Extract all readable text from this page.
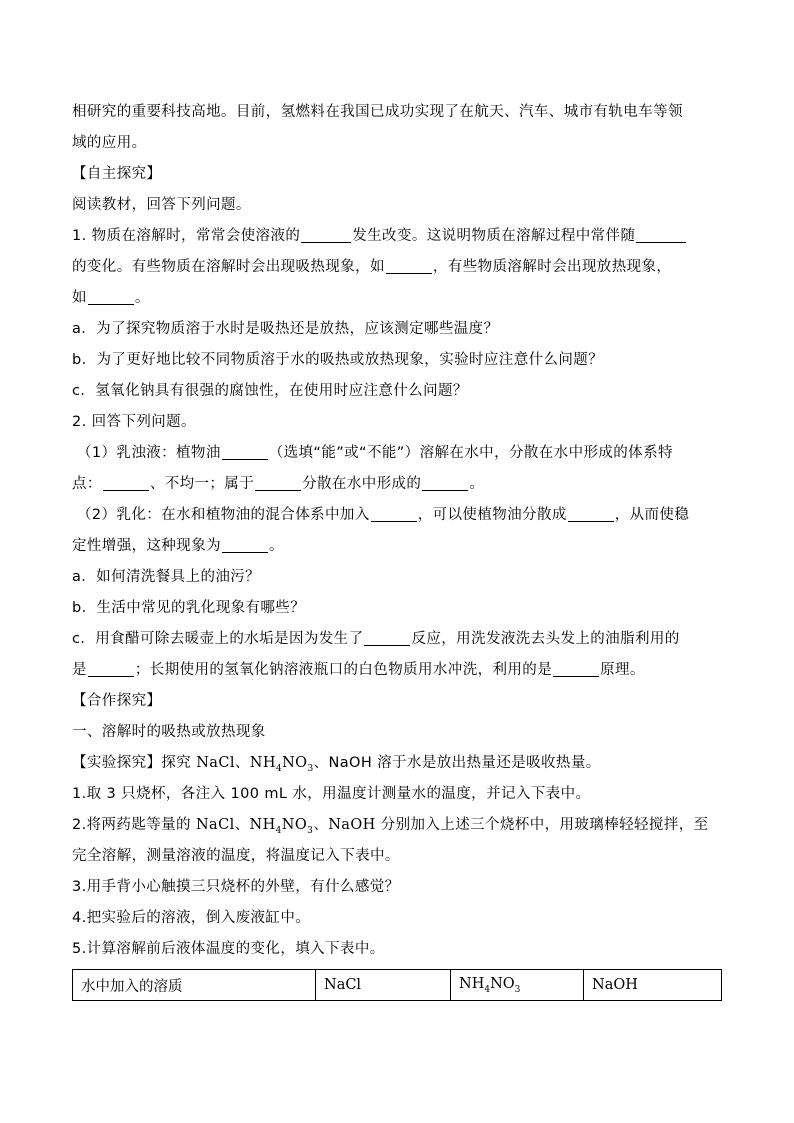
相研究的重要科技高地。目前，氢燃料在我国已成功实现了在航天、汽车、城市有轨电车等领
域的应用。
【自主探究】
阅读教材，回答下列问题。
1. 物质在溶解时，常常会使溶液的	发生改变。这说明物质在溶解过程中常伴随
的变化。有些物质在溶解时会出现吸热现象，如	，有些物质溶解时会出现放热现象，
如	。
a．为了探究物质溶于水时是吸热还是放热，应该测定哪些温度？
b．为了更好地比较不同物质溶于水的吸热或放热现象，实验时应注意什么问题？
c．氢氧化钠具有很强的腐蚀性，在使用时应注意什么问题？
2. 回答下列问题。
（1）乳浊液：植物油	（选填“能”或“不能”）溶解在水中，分散在水中形成的体系特
点：	、不均一；属于	分散在水中形成的	。
（2）乳化：在水和植物油的混合体系中加入	，可以使植物油分散成	，从而使稳
定性增强，这种现象为	。
a．如何清洗餐具上的油污？
b．生活中常见的乳化现象有哪些？
c．用食醋可除去暖壶上的水垢是因为发生了	反应，用洗发液洗去头发上的油脂利用的
是	；长期使用的氢氧化钠溶液瓶口的白色物质用水冲洗，利用的是	原理。
【合作探究】
一、溶解时的吸热或放热现象
【实验探究】探究 NaCl、$NH_4NO_3$、NaOH 溶于水是放出热量还是吸收热量。
1.取 3 只烧杯，各注入 100 mL 水，用温度计测量水的温度，并记入下表中。
2.将两药匙等量的 NaCl、$NH_4NO_3$、NaOH 分别加入上述三个烧杯中，用玻璃棒轻轻搅拌，至
完全溶解，测量溶液的温度，将温度记入下表中。
3.用手背小心触摸三只烧杯的外壁，有什么感觉？
4.把实验后的溶液，倒入废液缸中。
5.计算溶解前后液体温度的变化，填入下表中。
水中加入的溶质	NaCl	$NH_4NO_3$	NaOH
